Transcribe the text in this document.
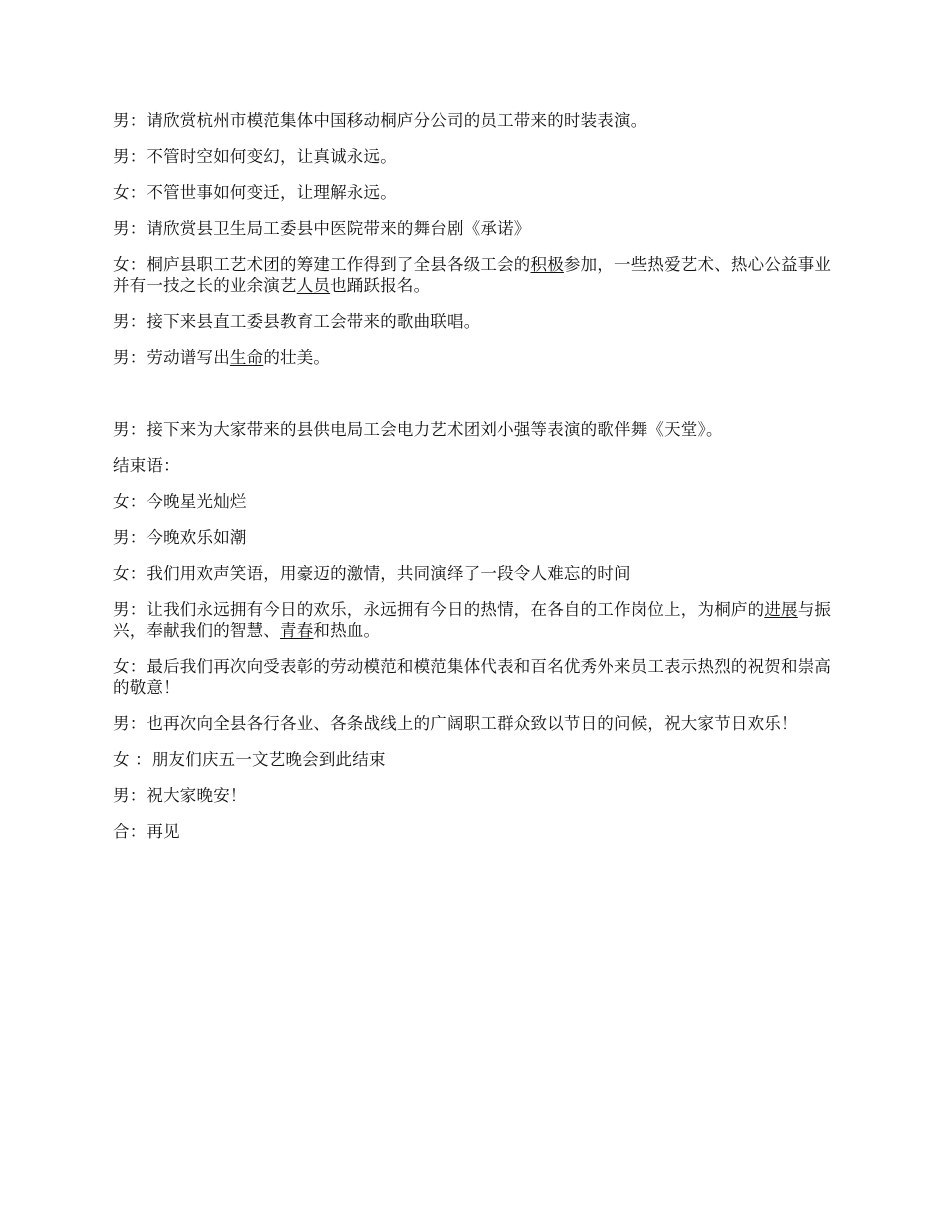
男：请欣赏杭州市模范集体中国移动桐庐分公司的员工带来的时装表演。

男：不管时空如何变幻，让真诚永远。

女：不管世事如何变迁，让理解永远。

男：请欣赏县卫生局工委县中医院带来的舞台剧《承诺》

女：桐庐县职工艺术团的筹建工作得到了全县各级工会的积极参加，一些热爱艺术、热心公益事业并有一技之长的业余演艺人员也踊跃报名。

男：接下来县直工委县教育工会带来的歌曲联唱。

男：劳动谱写出生命的壮美。

男：接下来为大家带来的县供电局工会电力艺术团刘小强等表演的歌伴舞《天堂》。

结束语：

女：今晚星光灿烂

男：今晚欢乐如潮

女：我们用欢声笑语，用豪迈的激情，共同演绎了一段令人难忘的时间

男：让我们永远拥有今日的欢乐，永远拥有今日的热情，在各自的工作岗位上，为桐庐的进展与振兴，奉献我们的智慧、青春和热血。

女：最后我们再次向受表彰的劳动模范和模范集体代表和百名优秀外来员工表示热烈的祝贺和崇高的敬意！

男：也再次向全县各行各业、各条战线上的广阔职工群众致以节日的问候，祝大家节日欢乐！

女 ：朋友们庆五一文艺晚会到此结束

男：祝大家晚安！

合：再见
